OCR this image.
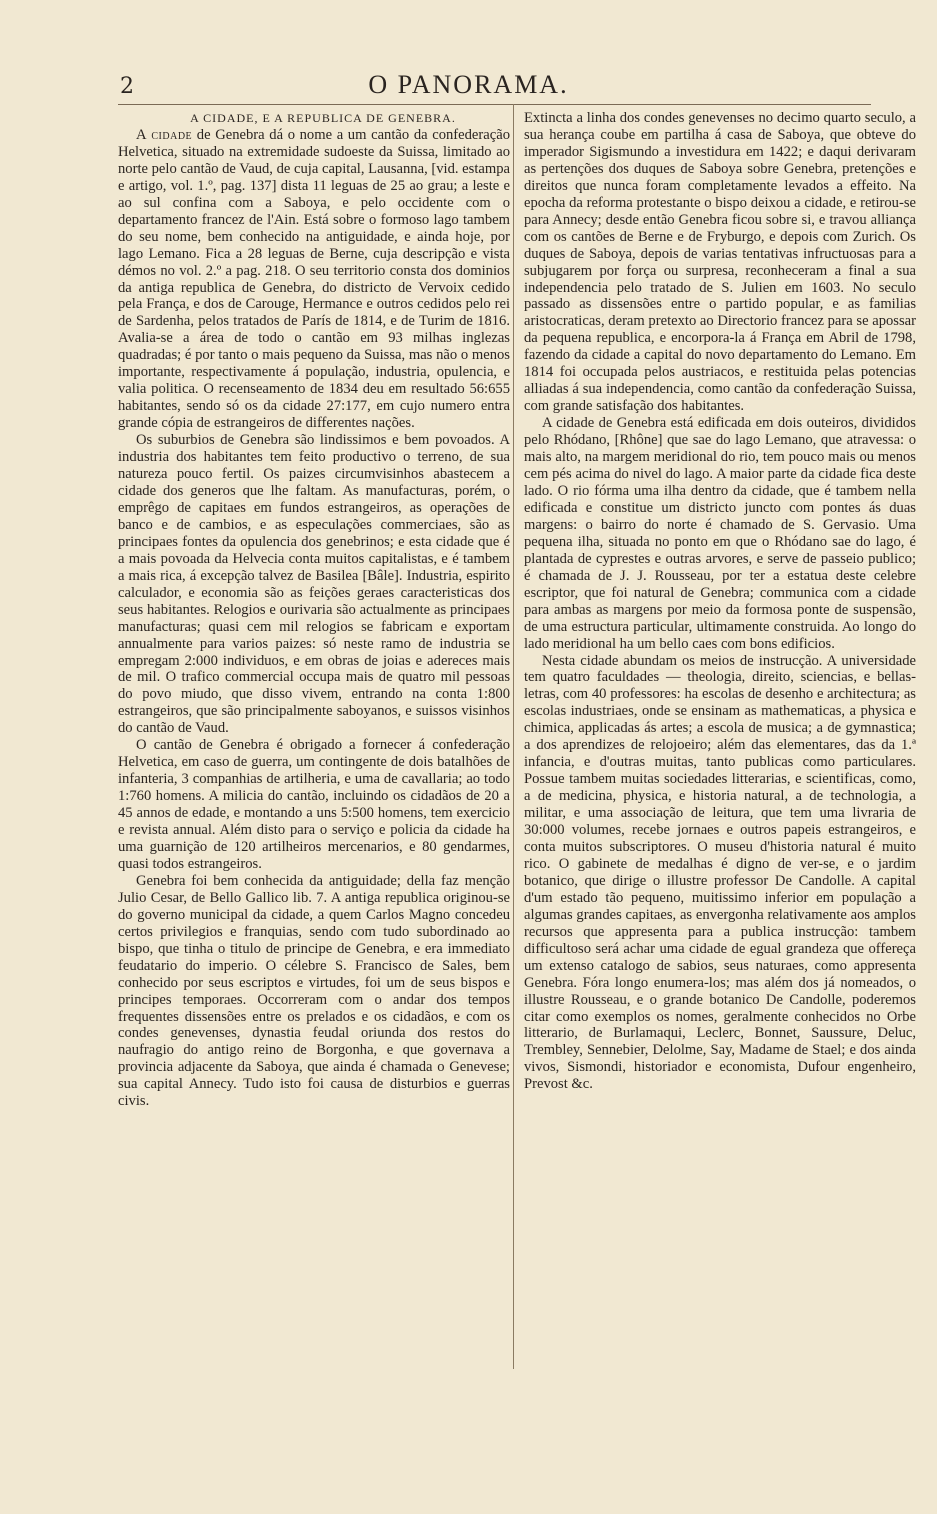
2	O PANORAMA.

A CIDADE, E A REPUBLICA DE GENEBRA.

A cidade de Genebra dá o nome a um cantão da confederação Helvetica, situado na extremidade sudoeste da Suissa, limitado ao norte pelo cantão de Vaud, de cuja capital, Lausanna, [vid. estampa e artigo, vol. 1.º, pag. 137] dista 11 leguas de 25 ao grau; a leste e ao sul confina com a Saboya, e pelo occidente com o departamento francez de l'Ain. Está sobre o formoso lago tambem do seu nome, bem conhecido na antiguidade, e ainda hoje, por lago Lemano. Fica a 28 leguas de Berne, cuja descripção e vista démos no vol. 2.º a pag. 218. O seu territorio consta dos dominios da antiga republica de Genebra, do districto de Vervoix cedido pela França, e dos de Carouge, Hermance e outros cedidos pelo rei de Sardenha, pelos tratados de París de 1814, e de Turim de 1816. Avalia-se a área de todo o cantão em 93 milhas inglezas quadradas; é por tanto o mais pequeno da Suissa, mas não o menos importante, respectivamente á população, industria, opulencia, e valia politica. O recenseamento de 1834 deu em resultado 56:655 habitantes, sendo só os da cidade 27:177, em cujo numero entra grande cópia de estrangeiros de differentes nações.

Os suburbios de Genebra são lindissimos e bem povoados. A industria dos habitantes tem feito productivo o terreno, de sua natureza pouco fertil. Os paizes circumvisinhos abastecem a cidade dos generos que lhe faltam. As manufacturas, porém, o emprêgo de capitaes em fundos estrangeiros, as operações de banco e de cambios, e as especulações commerciaes, são as principaes fontes da opulencia dos genebrinos; e esta cidade que é a mais povoada da Helvecia conta muitos capitalistas, e é tambem a mais rica, á excepção talvez de Basilea [Bâle]. Industria, espirito calculador, e economia são as feições geraes caracteristicas dos seus habitantes. Relogios e ourivaria são actualmente as principaes manufacturas; quasi cem mil relogios se fabricam e exportam annualmente para varios paizes: só neste ramo de industria se empregam 2:000 individuos, e em obras de joias e adereces mais de mil. O trafico commercial occupa mais de quatro mil pessoas do povo miudo, que disso vivem, entrando na conta 1:800 estrangeiros, que são principalmente saboyanos, e suissos visinhos do cantão de Vaud.

O cantão de Genebra é obrigado a fornecer á confederação Helvetica, em caso de guerra, um contingente de dois batalhões de infanteria, 3 companhias de artilheria, e uma de cavallaria; ao todo 1:760 homens. A milicia do cantão, incluindo os cidadãos de 20 a 45 annos de edade, e montando a uns 5:500 homens, tem exercicio e revista annual. Além disto para o serviço e policia da cidade ha uma guarnição de 120 artilheiros mercenarios, e 80 gendarmes, quasi todos estrangeiros.

Genebra foi bem conhecida da antiguidade; della faz menção Julio Cesar, de Bello Gallico lib. 7. A antiga republica originou-se do governo municipal da cidade, a quem Carlos Magno concedeu certos privilegios e franquias, sendo com tudo subordinado ao bispo, que tinha o titulo de principe de Genebra, e era immediato feudatario do imperio. O célebre S. Francisco de Sales, bem conhecido por seus escriptos e virtudes, foi um de seus bispos e principes temporaes. Occorreram com o andar dos tempos frequentes dissensões entre os prelados e os cidadãos, e com os condes genevenses, dynastia feudal oriunda dos restos do naufragio do antigo reino de Borgonha, e que governava a provincia adjacente da Saboya, que ainda é chamada o Genevese; sua capital Annecy. Tudo isto foi causa de disturbios e guerras civis.

Extincta a linha dos condes genevenses no decimo quarto seculo, a sua herança coube em partilha á casa de Saboya, que obteve do imperador Sigismundo a investidura em 1422; e daqui derivaram as pertenções dos duques de Saboya sobre Genebra, pretenções e direitos que nunca foram completamente levados a effeito. Na epocha da reforma protestante o bispo deixou a cidade, e retirou-se para Annecy; desde então Genebra ficou sobre si, e travou alliança com os cantões de Berne e de Fryburgo, e depois com Zurich. Os duques de Saboya, depois de varias tentativas infructuosas para a subjugarem por força ou surpresa, reconheceram a final a sua independencia pelo tratado de S. Julien em 1603. No seculo passado as dissensões entre o partido popular, e as familias aristocraticas, deram pretexto ao Directorio francez para se apossar da pequena republica, e encorpora-la á França em Abril de 1798, fazendo da cidade a capital do novo departamento do Lemano. Em 1814 foi occupada pelos austriacos, e restituida pelas potencias alliadas á sua independencia, como cantão da confederação Suissa, com grande satisfação dos habitantes.

A cidade de Genebra está edificada em dois outeiros, divididos pelo Rhódano, [Rhône] que sae do lago Lemano, que atravessa: o mais alto, na margem meridional do rio, tem pouco mais ou menos cem pés acima do nivel do lago. A maior parte da cidade fica deste lado. O rio fórma uma ilha dentro da cidade, que é tambem nella edificada e constitue um districto juncto com pontes ás duas margens: o bairro do norte é chamado de S. Gervasio. Uma pequena ilha, situada no ponto em que o Rhódano sae do lago, é plantada de cyprestes e outras arvores, e serve de passeio publico; é chamada de J. J. Rousseau, por ter a estatua deste celebre escriptor, que foi natural de Genebra; communica com a cidade para ambas as margens por meio da formosa ponte de suspensão, de uma estructura particular, ultimamente construida. Ao longo do lado meridional ha um bello caes com bons edificios.

Nesta cidade abundam os meios de instrucção. A universidade tem quatro faculdades — theologia, direito, sciencias, e bellas-letras, com 40 professores: ha escolas de desenho e architectura; as escolas industriaes, onde se ensinam as mathematicas, a physica e chimica, applicadas ás artes; a escola de musica; a de gymnastica; a dos aprendizes de relojoeiro; além das elementares, das da 1.ª infancia, e d'outras muitas, tanto publicas como particulares. Possue tambem muitas sociedades litterarias, e scientificas, como, a de medicina, physica, e historia natural, a de technologia, a militar, e uma associação de leitura, que tem uma livraria de 30:000 volumes, recebe jornaes e outros papeis estrangeiros, e conta muitos subscriptores. O museu d'historia natural é muito rico. O gabinete de medalhas é digno de ver-se, e o jardim botanico, que dirige o illustre professor De Candolle. A capital d'um estado tão pequeno, muitissimo inferior em população a algumas grandes capitaes, as envergonha relativamente aos amplos recursos que appresenta para a publica instrucção: tambem difficultoso será achar uma cidade de egual grandeza que offereça um extenso catalogo de sabios, seus naturaes, como appresenta Genebra. Fóra longo enumera-los; mas além dos já nomeados, o illustre Rousseau, e o grande botanico De Candolle, poderemos citar como exemplos os nomes, geralmente conhecidos no Orbe litterario, de Burlamaqui, Leclerc, Bonnet, Saussure, Deluc, Trembley, Sennebier, Delolme, Say, Madame de Stael; e dos ainda vivos, Sismondi, historiador e economista, Dufour engenheiro, Prevost &c.
